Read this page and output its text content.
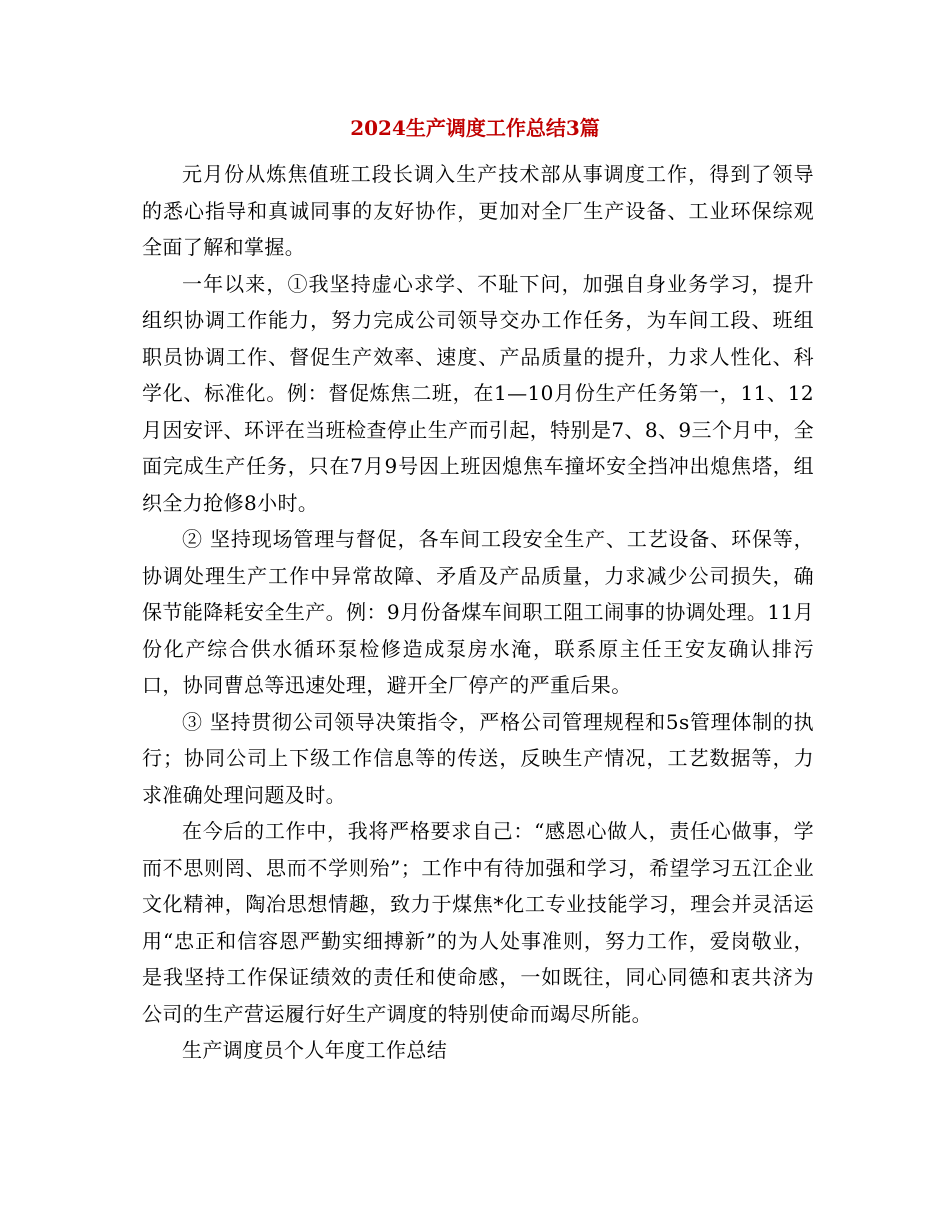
2024生产调度工作总结3篇

元月份从炼焦值班工段长调入生产技术部从事调度工作，得到了领导的悉心指导和真诚同事的友好协作，更加对全厂生产设备、工业环保综观全面了解和掌握。

一年以来，①我坚持虚心求学、不耻下问，加强自身业务学习，提升组织协调工作能力，努力完成公司领导交办工作任务，为车间工段、班组职员协调工作、督促生产效率、速度、产品质量的提升，力求人性化、科学化、标准化。例：督促炼焦二班，在1—10月份生产任务第一，11、12月因安评、环评在当班检查停止生产而引起，特别是7、8、9三个月中，全面完成生产任务，只在7月9号因上班因熄焦车撞坏安全挡冲出熄焦塔，组织全力抢修8小时。

② 坚持现场管理与督促，各车间工段安全生产、工艺设备、环保等，协调处理生产工作中异常故障、矛盾及产品质量，力求减少公司损失，确保节能降耗安全生产。例：9月份备煤车间职工阻工闹事的协调处理。11月份化产综合供水循环泵检修造成泵房水淹，联系原主任王安友确认排污口，协同曹总等迅速处理，避开全厂停产的严重后果。

③ 坚持贯彻公司领导决策指令，严格公司管理规程和5s管理体制的执行；协同公司上下级工作信息等的传送，反映生产情况，工艺数据等，力求准确处理问题及时。

在今后的工作中，我将严格要求自己：“感恩心做人，责任心做事，学而不思则罔、思而不学则殆”；工作中有待加强和学习，希望学习五江企业文化精神，陶冶思想情趣，致力于煤焦*化工专业技能学习，理会并灵活运用“忠正和信容恩严勤实细搏新”的为人处事准则，努力工作，爱岗敬业，是我坚持工作保证绩效的责任和使命感，一如既往，同心同德和衷共济为公司的生产营运履行好生产调度的特别使命而竭尽所能。

生产调度员个人年度工作总结
